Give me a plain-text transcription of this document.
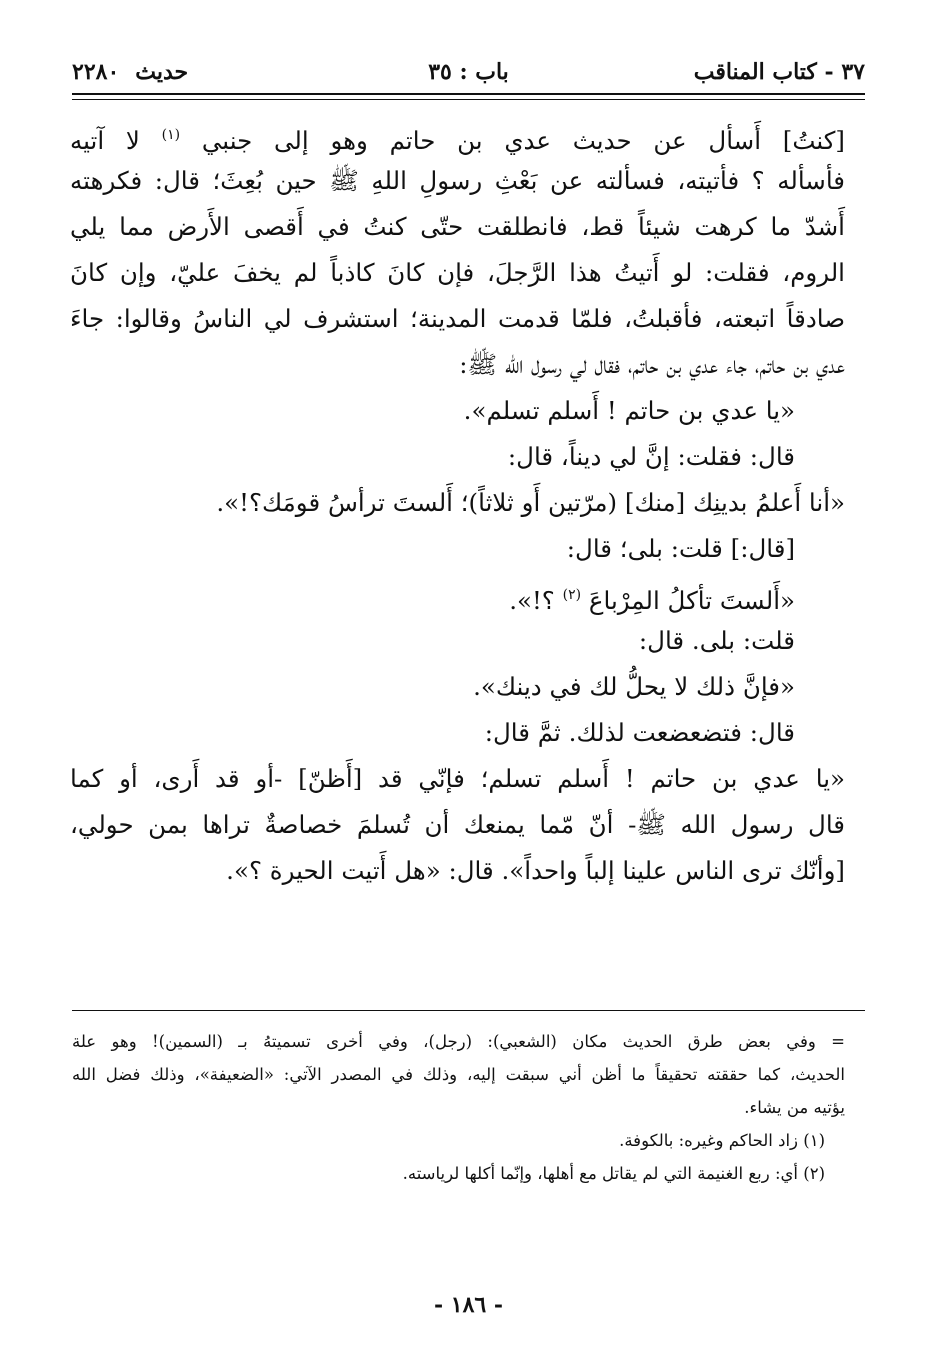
٣٧ - كتاب المناقب
باب : ٣٥
حديث
٢٢٨٠
[كنتُ] أَسأل عن حديث عدي بن حاتم وهو إلى جنبي $^{(١)}$ لا آتيه
فأسأله ؟ فأتيته، فسألته عن بَعْثِ رسولِ اللهِ ﷺ حين بُعِثَ؛ قال: فكرهته
أَشدّ ما كرهت شيئاً قط، فانطلقت حتّى كنتُ في أَقصى الأَرض مما يلي
الروم، فقلت: لو أَتيتُ هذا الرَّجلَ، فإن كانَ كاذباً لم يخفَ عليّ، وإن كانَ
صادقاً اتبعته، فأقبلتُ، فلمّا قدمت المدينة؛ استشرف لي الناسُ وقالوا: جاءَ
عدي بن حاتم، جاء عدي بن حاتم، فقال لي رسول الله ﷺ:
«يا عدي بن حاتم ! أَسلم تسلم».
قال: فقلت: إنَّ لي ديناً، قال:
«أنا أَعلمُ بدينِك [منك] (مرّتين أَو ثلاثاً)؛ أَلستَ ترأسُ قومَك؟!».
[قال:] قلت: بلى؛ قال:
«أَلستَ تأكلُ المِرْباعَ $^{(٢)}$ ؟!».
قلت: بلى. قال:
«فإنَّ ذلك لا يحلُّ لك في دينك».
قال: فتضعضعت لذلك. ثمَّ قال:
«يا عدي بن حاتم ! أَسلم تسلم؛ فإنّي قد [أَظنّ] -أو قد أَرى، أو كما
قال رسول الله ﷺ- أنّ مّما يمنعك أن تُسلمَ خصاصةٌ تراها بمن حولي،
[وأنّك ترى الناس علينا إلباً واحداً». قال: «هل أَتيت الحيرة ؟».
= وفي بعض طرق الحديث مكان (الشعبي): (رجل)، وفي أخرى تسميتهُ بـ (السمين)! وهو علة
الحديث، كما حققته تحقيقاً ما أظن أني سبقت إليه، وذلك في المصدر الآتي: «الضعيفة»، وذلك فضل الله
يؤتيه من يشاء.
(١) زاد الحاكم وغيره: بالكوفة.
(٢) أي: ربع الغنيمة التي لم يقاتل مع أهلها، وإنّما أكلها لرياسته.
- ١٨٦ -
